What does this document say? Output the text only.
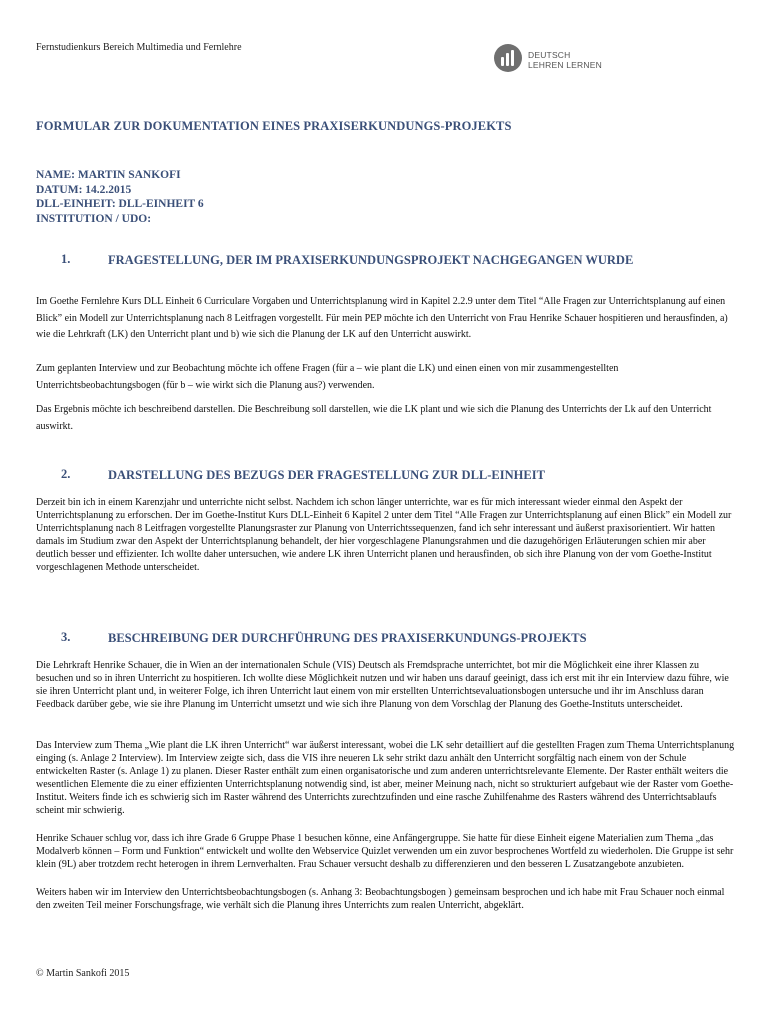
Fernstudienkurs Bereich Multimedia und Fernlehre
DEUTSCH
LEHREN LERNEN
FORMULAR ZUR DOKUMENTATION EINES PRAXISERKUNDUNGS-PROJEKTS
NAME: MARTIN SANKOFI
DATUM: 14.2.2015
DLL-EINHEIT: DLL-EINHEIT 6
INSTITUTION / UDO:
1.	FRAGESTELLUNG, DER IM PRAXISERKUNDUNGSPROJEKT NACHGEGANGEN WURDE

Im Goethe Fernlehre Kurs DLL Einheit 6 Curriculare Vorgaben und Unterrichtsplanung wird in Kapitel 2.2.9 unter dem Titel “Alle Fragen zur Unterrichtsplanung auf einen Blick” ein Modell zur Unterrichtsplanung nach 8 Leitfragen vorgestellt. Für mein PEP möchte ich den Unterricht von Frau Henrike Schauer hospitieren und herausfinden, a) wie die Lehrkraft (LK) den Unterricht plant und b) wie sich die Planung der LK auf den Unterricht auswirkt.

Zum geplanten Interview und zur Beobachtung möchte ich offene Fragen (für a – wie plant die LK) und einen einen von mir zusammengestellten Unterrichtsbeobachtungsbogen (für b – wie wirkt sich die Planung aus?) verwenden.

Das Ergebnis möchte ich beschreibend darstellen. Die Beschreibung soll darstellen, wie die LK plant und wie sich die Planung des Unterrichts der Lk auf den Unterricht auswirkt.

2.	DARSTELLUNG DES BEZUGS DER FRAGESTELLUNG ZUR DLL-EINHEIT

Derzeit bin ich in einem Karenzjahr und unterrichte nicht selbst. Nachdem ich schon länger unterrichte, war es für mich interessant wieder einmal den Aspekt der Unterrichtsplanung zu erforschen. Der im Goethe-Institut Kurs DLL-Einheit 6 Kapitel 2 unter dem Titel “Alle Fragen zur Unterrichtsplanung auf einen Blick” ein Modell zur Unterrichtsplanung nach 8 Leitfragen vorgestellte Planungsraster zur Planung von Unterrichtssequenzen, fand ich sehr interessant und äußerst praxisorientiert. Wir hatten damals im Studium zwar den Aspekt der Unterrichtsplanung behandelt, der hier vorgeschlagene Planungsrahmen und die dazugehörigen Erläuterungen schien mir aber deutlich besser und effizienter. Ich wollte daher untersuchen, wie andere LK ihren Unterricht planen und herausfinden, ob sich ihre Planung von der vom Goethe-Institut vorgeschlagenen Methode unterscheidet.

3.	BESCHREIBUNG DER DURCHFÜHRUNG DES PRAXISERKUNDUNGS-PROJEKTS

Die Lehrkraft Henrike Schauer, die in Wien an der internationalen Schule (VIS) Deutsch als Fremdsprache unterrichtet, bot mir die Möglichkeit eine ihrer Klassen zu besuchen und so in ihren Unterricht zu hospitieren. Ich wollte diese Möglichkeit nutzen und wir haben uns darauf geeinigt, dass ich erst mit ihr ein Interview dazu führe, wie sie ihren Unterricht plant und, in weiterer Folge, ich ihren Unterricht laut einem von mir erstellten Unterrichtsevaluationsbogen untersuche und ihr im Anschluss daran Feedback darüber gebe, wie sie ihre Planung im Unterricht umsetzt und wie sich ihre Planung von dem Vorschlag der Planung des Goethe-Instituts unterscheidet.

Das Interview zum Thema „Wie plant die LK ihren Unterricht“ war äußerst interessant, wobei die LK sehr detailliert auf die gestellten Fragen zum Thema Unterrichtsplanung einging (s. Anlage 2 Interview). Im Interview zeigte sich, dass die VIS ihre neueren Lk sehr strikt dazu anhält den Unterricht sorgfältig nach einem von der Schule entwickelten Raster (s. Anlage 1) zu planen. Dieser Raster enthält zum einen organisatorische und zum anderen unterrichtsrelevante Elemente. Der Raster enthält weiters die wesentlichen Elemente die zu einer effizienten Unterrichtsplanung notwendig sind, ist aber, meiner Meinung nach, nicht so strukturiert aufgebaut wie der Raster vom Goethe-Institut. Weiters finde ich es schwierig sich im Raster während des Unterrichts zurechtzufinden und eine rasche Zuhilfenahme des Rasters während des Unterrichtsablaufs scheint mir schwierig.

Henrike Schauer schlug vor, dass ich ihre Grade 6 Gruppe Phase 1 besuchen könne, eine Anfängergruppe. Sie hatte für diese Einheit eigene Materialien zum Thema „das Modalverb können – Form und Funktion“ entwickelt und wollte den Webservice Quizlet verwenden um ein zuvor besprochenes Wortfeld zu wiederholen. Die Gruppe ist sehr klein (9L) aber trotzdem recht heterogen in ihrem Lernverhalten. Frau Schauer versucht deshalb zu differenzieren und den besseren L Zusatzangebote anzubieten.

Weiters haben wir im Interview den Unterrichtsbeobachtungsbogen (s. Anhang 3: Beobachtungsbogen ) gemeinsam besprochen und ich habe mit Frau Schauer noch einmal den zweiten Teil meiner Forschungsfrage, wie verhält sich die Planung ihres Unterrichts zum realen Unterricht, abgeklärt.

© Martin Sankofi 2015
